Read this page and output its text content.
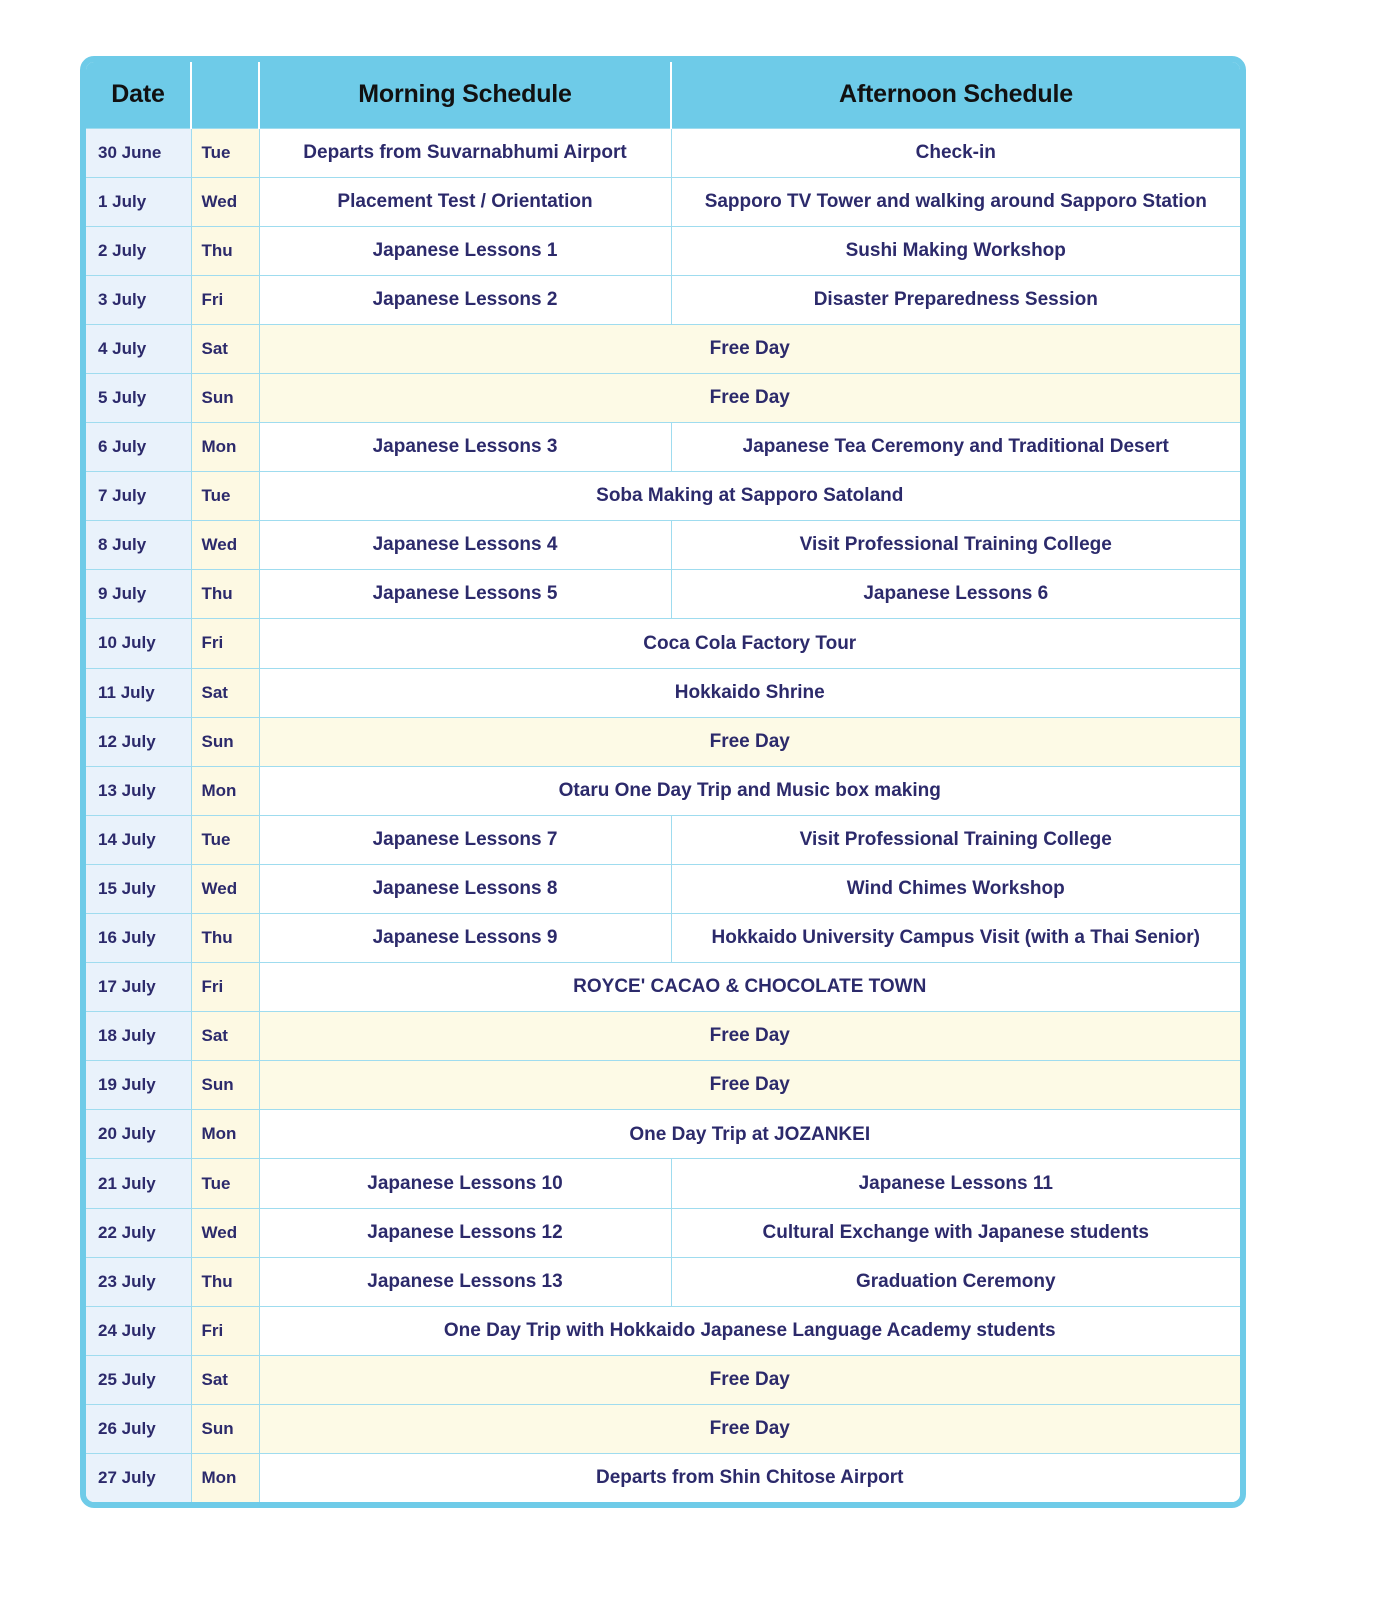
Date		Morning Schedule	Afternoon Schedule
30 June	Tue	Departs from Suvarnabhumi Airport	Check-in
1 July	Wed	Placement Test / Orientation	Sapporo TV Tower and walking around Sapporo Station
2 July	Thu	Japanese Lessons 1	Sushi Making Workshop
3 July	Fri	Japanese Lessons 2	Disaster Preparedness Session
4 July	Sat	Free Day	
5 July	Sun	Free Day	
6 July	Mon	Japanese Lessons 3	Japanese Tea Ceremony and Traditional Desert
7 July	Tue	Soba Making at Sapporo Satoland	
8 July	Wed	Japanese Lessons 4	Visit Professional Training College
9 July	Thu	Japanese Lessons 5	Japanese Lessons 6
10 July	Fri	Coca Cola Factory Tour	
11 July	Sat	Hokkaido Shrine	
12 July	Sun	Free Day	
13 July	Mon	Otaru One Day Trip and Music box making	
14 July	Tue	Japanese Lessons 7	Visit Professional Training College
15 July	Wed	Japanese Lessons 8	Wind Chimes Workshop
16 July	Thu	Japanese Lessons 9	Hokkaido University Campus Visit (with a Thai Senior)
17 July	Fri	ROYCE' CACAO & CHOCOLATE TOWN	
18 July	Sat	Free Day	
19 July	Sun	Free Day	
20 July	Mon	One Day Trip at JOZANKEI	
21 July	Tue	Japanese Lessons 10	Japanese Lessons 11
22 July	Wed	Japanese Lessons 12	Cultural Exchange with Japanese students
23 July	Thu	Japanese Lessons 13	Graduation Ceremony
24 July	Fri	One Day Trip with Hokkaido Japanese Language Academy students	
25 July	Sat	Free Day	
26 July	Sun	Free Day	
27 July	Mon	Departs from Shin Chitose Airport	
